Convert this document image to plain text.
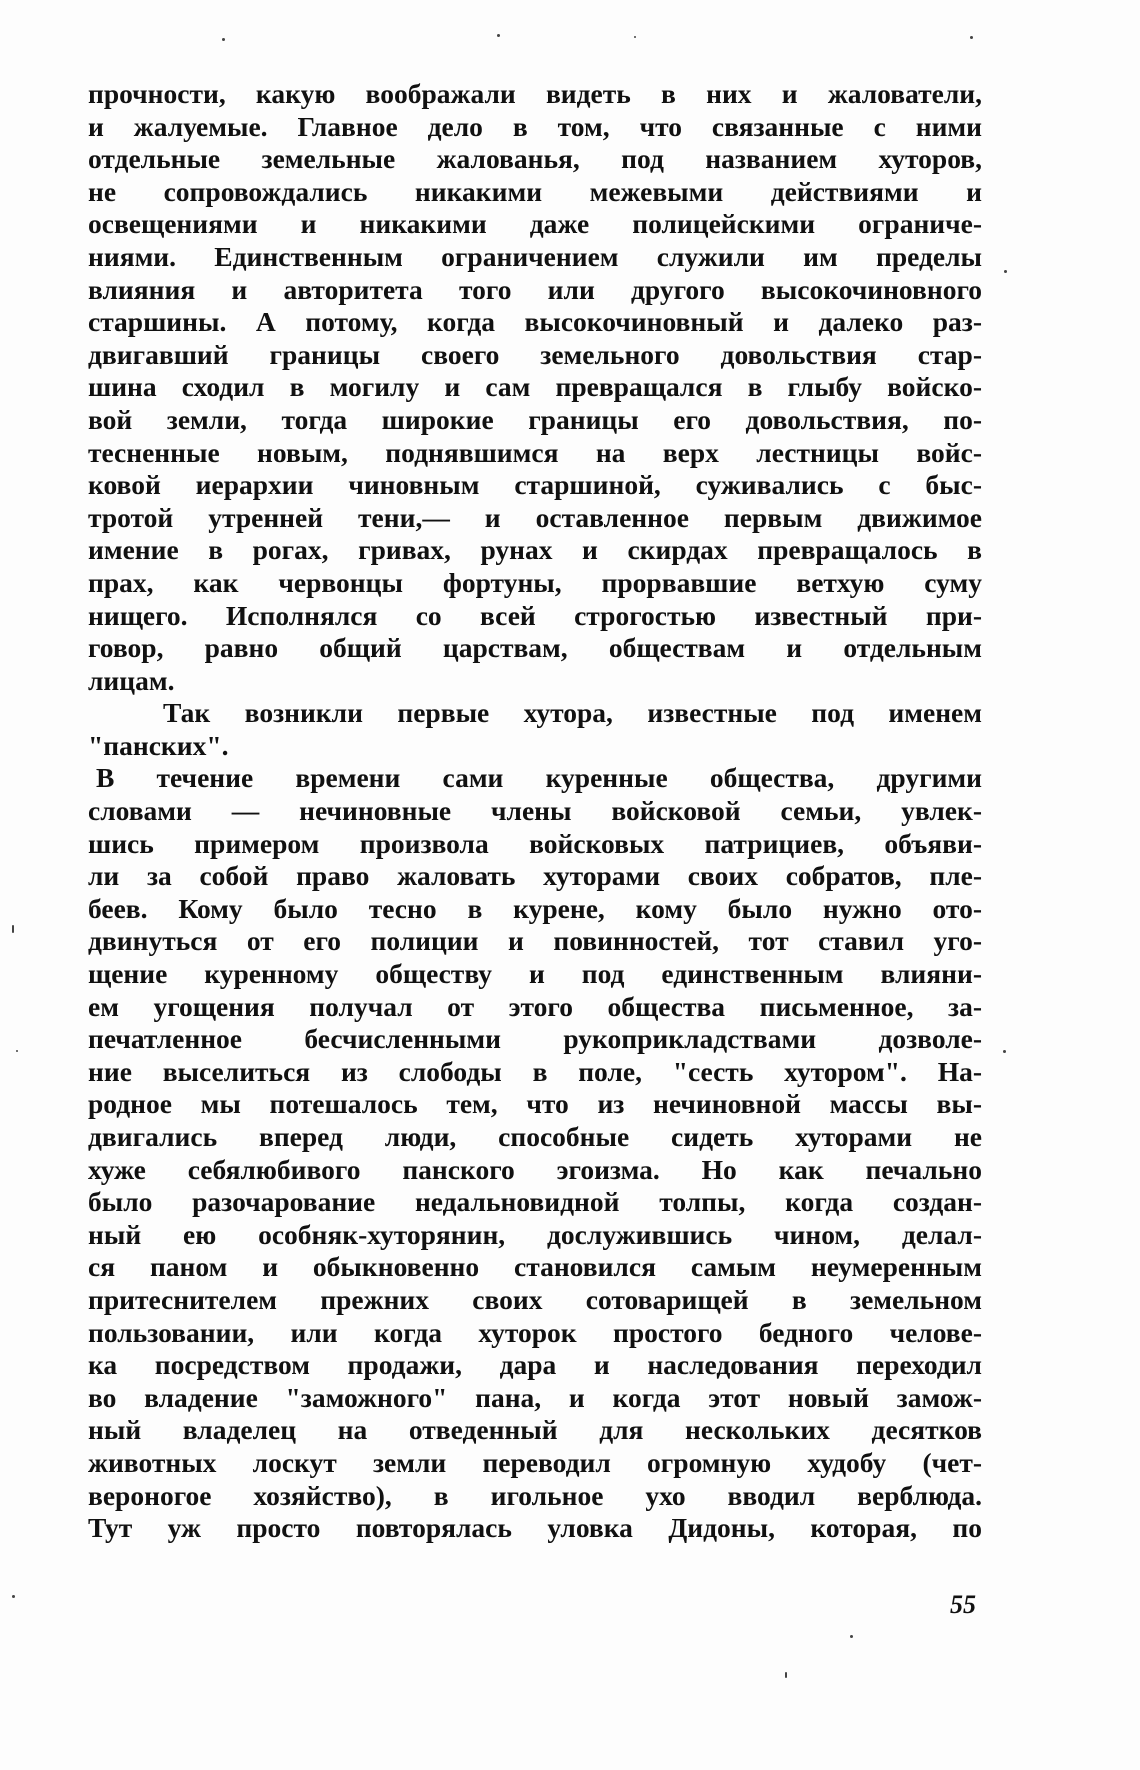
прочности, какую воображали видеть в них и жалователи,
и жалуемые. Главное дело в том, что связанные с ними
отдельные земельные жалованья, под названием хуторов,
не сопровождались никакими межевыми действиями и
освещениями и никакими даже полицейскими ограниче-
ниями. Единственным ограничением служили им пределы
влияния и авторитета того или другого высокочиновного
старшины. А потому, когда высокочиновный и далеко раз-
двигавший границы своего земельного довольствия стар-
шина сходил в могилу и сам превращался в глыбу войско-
вой земли, тогда широкие границы его довольствия, по-
тесненные новым, поднявшимся на верх лестницы войс-
ковой иерархии чиновным старшиной, суживались с быс-
тротой утренней тени,— и оставленное первым движимое
имение в рогах, гривах, рунах и скирдах превращалось в
прах, как червонцы фортуны, прорвавшие ветхую суму
нищего. Исполнялся со всей строгостью известный при-
говор, равно общий царствам, обществам и отдельным
лицам.
Так возникли первые хутора, известные под именем
"панских".
В течение времени сами куренные общества, другими
словами — нечиновные члены войсковой семьи, увлек-
шись примером произвола войсковых патрициев, объяви-
ли за собой право жаловать хуторами своих собратов, пле-
беев. Кому было тесно в курене, кому было нужно ото-
двинуться от его полиции и повинностей, тот ставил уго-
щение куренному обществу и под единственным влияни-
ем угощения получал от этого общества письменное, за-
печатленное бесчисленными рукоприкладствами дозволе-
ние выселиться из слободы в поле, "сесть хутором". На-
родное мы потешалось тем, что из нечиновной массы вы-
двигались вперед люди, способные сидеть хуторами не
хуже себялюбивого панского эгоизма. Но как печально
было разочарование недальновидной толпы, когда создан-
ный ею особняк-хуторянин, дослужившись чином, делал-
ся паном и обыкновенно становился самым неумеренным
притеснителем прежних своих сотоварищей в земельном
пользовании, или когда хуторок простого бедного челове-
ка посредством продажи, дара и наследования переходил
во владение "заможного" пана, и когда этот новый замож-
ный владелец на отведенный для нескольких десятков
животных лоскут земли переводил огромную худобу (чет-
вероногое хозяйство), в игольное ухо вводил верблюда.
Тут уж просто повторялась уловка Дидоны, которая, по
55
